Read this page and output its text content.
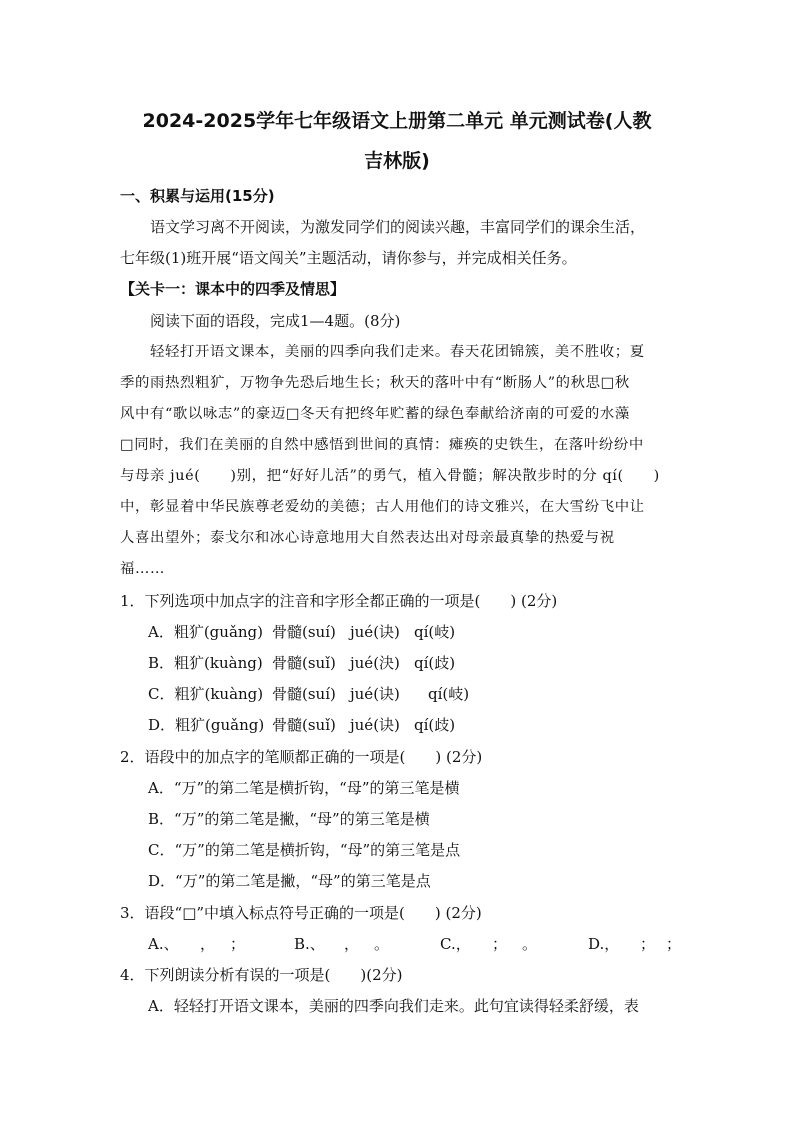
2024-2025学年七年级语文上册第二单元 单元测试卷(人教
吉林版)
一、积累与运用(15分)
语文学习离不开阅读，为激发同学们的阅读兴趣，丰富同学们的课余生活，
七年级(1)班开展“语文闯关”主题活动，请你参与，并完成相关任务。
【关卡一：课本中的四季及情思】
阅读下面的语段，完成1—4题。(8分)
轻轻打开语文课本，美丽的四季向我们走来。春天花团锦簇，美不胜收；夏
季的雨热烈粗犷，万物争先恐后地生长；秋天的落叶中有“断肠人”的秋思□秋
风中有“歌以咏志”的豪迈□冬天有把终年贮蓄的绿色奉献给济南的可爱的水藻
□同时，我们在美丽的自然中感悟到世间的真情：瘫痪的史铁生，在落叶纷纷中
与母亲 jué(　　)别，把“好好儿活”的勇气，植入骨髓；解决散步时的分 qí(　　)
中，彰显着中华民族尊老爱幼的美德；古人用他们的诗文雅兴，在大雪纷飞中让
人喜出望外；泰戈尔和冰心诗意地用大自然表达出对母亲最真挚的热爱与祝
福……
1．下列选项中加点字的注音和字形全都正确的一项是(　　) (2分)
A．粗犷(guǎng) 骨髓(suí) jué(诀) qí(岐)
B．粗犷(kuàng) 骨髓(suǐ) jué(決) qí(歧)
C．粗犷(kuàng) 骨髓(suí) jué(诀) qí(岐)
D．粗犷(guǎng) 骨髓(suǐ) jué(诀) qí(歧)
2．语段中的加点字的笔顺都正确的一项是(　　) (2分)
A．“万”的第二笔是横折钩，“母”的第三笔是横
B．“万”的第二笔是撇，“母”的第三笔是横
C．“万”的第二笔是横折钩，“母”的第三笔是点
D．“万”的第二笔是撇，“母”的第三笔是点
3．语段“□”中填入标点符号正确的一项是(　　) (2分)
A.、 ， ；	B.、 ， 。	C.， ； 。	D.， ； ；
4．下列朗读分析有误的一项是(　　)(2分)
A．轻轻打开语文课本，美丽的四季向我们走来。此句宜读得轻柔舒缓，表
